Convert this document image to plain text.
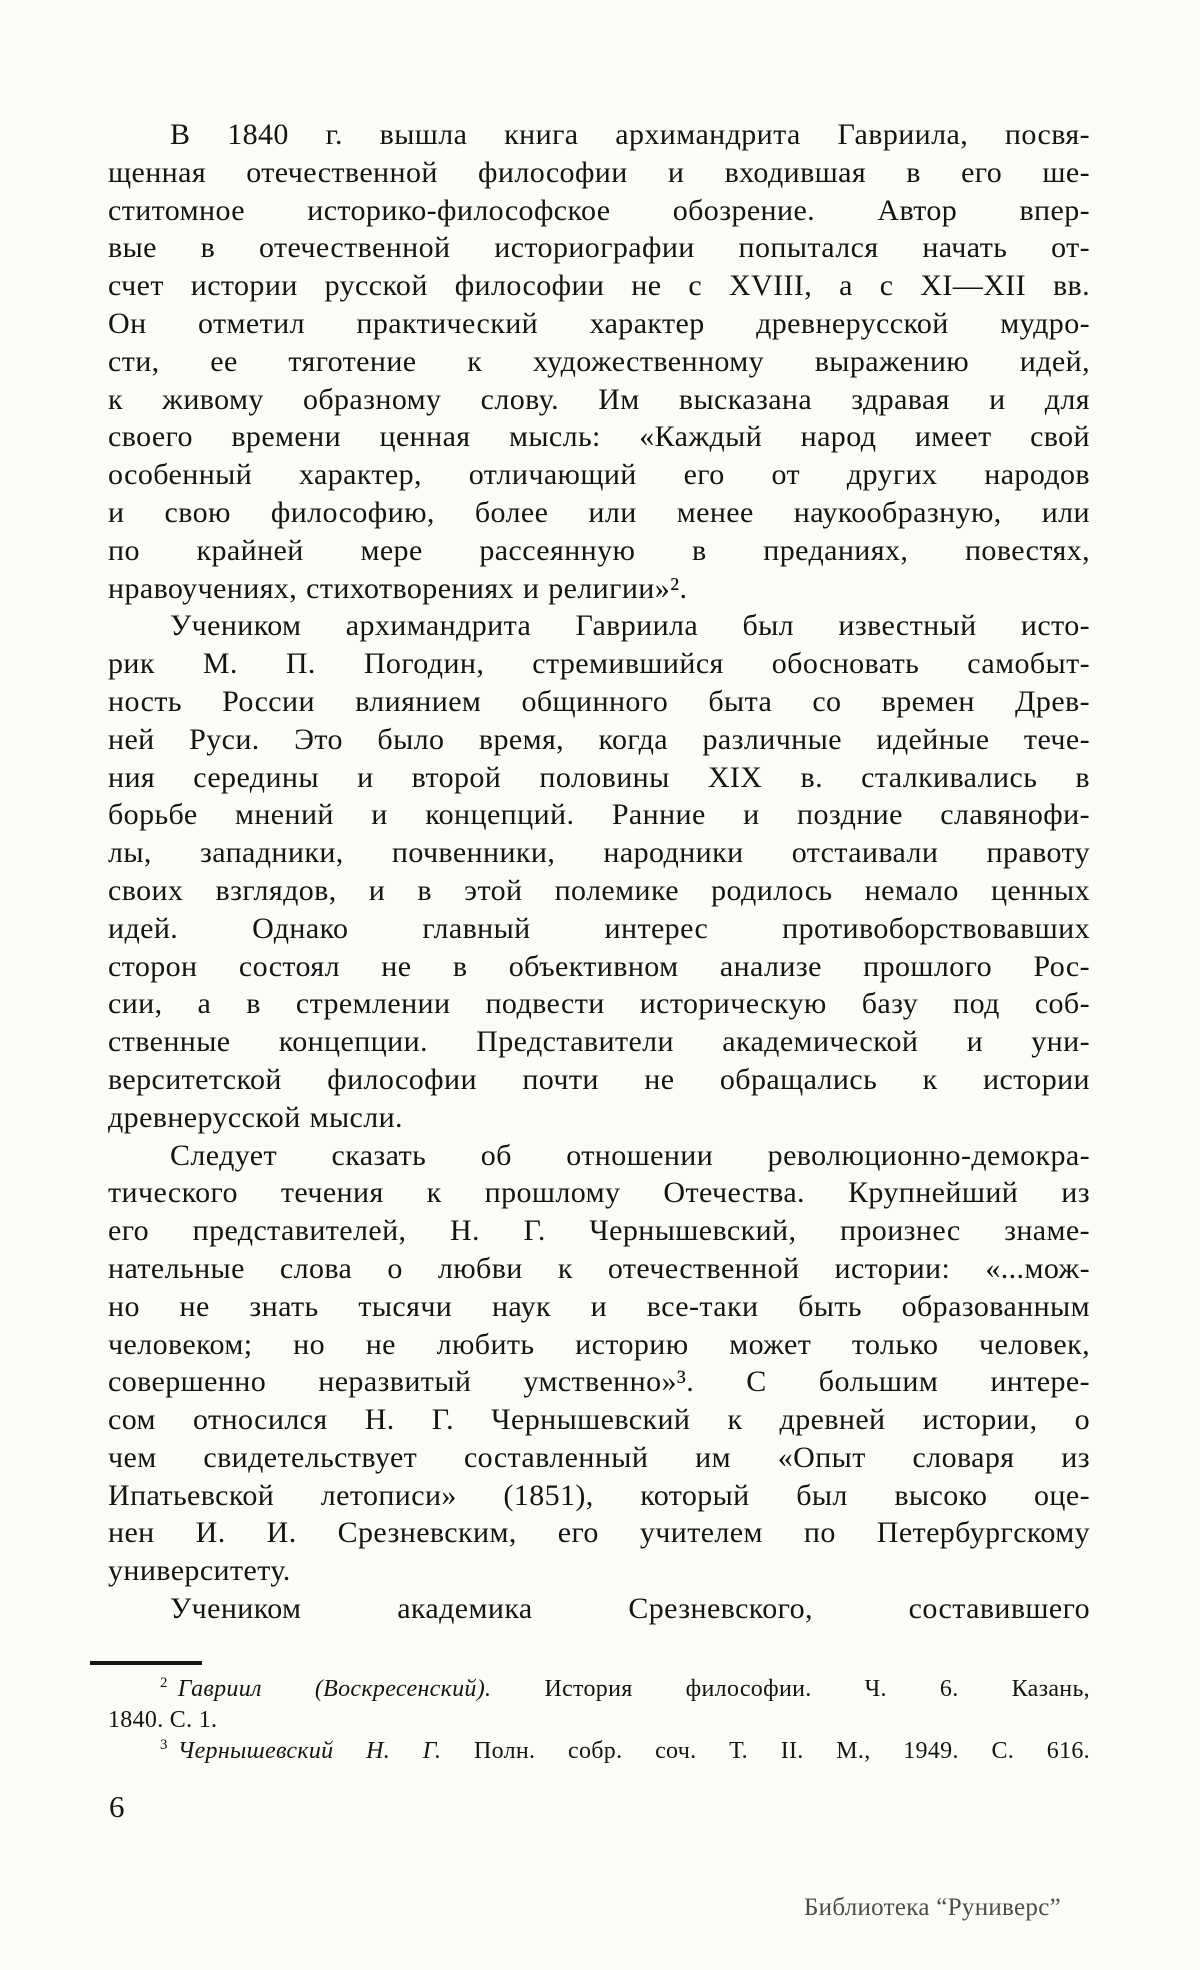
В 1840 г. вышла книга архимандрита Гавриила, посвя-
щенная отечественной философии и входившая в его ше-
ститомное историко-философское обозрение. Автор впер-
вые в отечественной историографии попытался начать от-
счет истории русской философии не с XVIII, а с XI—XII вв.
Он отметил практический характер древнерусской мудро-
сти, ее тяготение к художественному выражению идей,
к живому образному слову. Им высказана здравая и для
своего времени ценная мысль: «Каждый народ имеет свой
особенный характер, отличающий его от других народов
и свою философию, более или менее наукообразную, или
по крайней мере рассеянную в преданиях, повестях,
нравоучениях, стихотворениях и религии»².
Учеником архимандрита Гавриила был известный исто-
рик М. П. Погодин, стремившийся обосновать самобыт-
ность России влиянием общинного быта со времен Древ-
ней Руси. Это было время, когда различные идейные тече-
ния середины и второй половины XIX в. сталкивались в
борьбе мнений и концепций. Ранние и поздние славянофи-
лы, западники, почвенники, народники отстаивали правоту
своих взглядов, и в этой полемике родилось немало ценных
идей. Однако главный интерес противоборствовавших
сторон состоял не в объективном анализе прошлого Рос-
сии, а в стремлении подвести историческую базу под соб-
ственные концепции. Представители академической и уни-
верситетской философии почти не обращались к истории
древнерусской мысли.
Следует сказать об отношении революционно-демокра-
тического течения к прошлому Отечества. Крупнейший из
его представителей, Н. Г. Чернышевский, произнес знаме-
нательные слова о любви к отечественной истории: «...мож-
но не знать тысячи наук и все-таки быть образованным
человеком; но не любить историю может только человек,
совершенно неразвитый умственно»³. С большим интере-
сом относился Н. Г. Чернышевский к древней истории, о
чем свидетельствует составленный им «Опыт словаря из
Ипатьевской летописи» (1851), который был высоко оце-
нен И. И. Срезневским, его учителем по Петербургскому
университету.
Учеником академика Срезневского, составившего
$^2$ Гавриил (Воскресенский). История философии. Ч. 6. Казань,
1840. С. 1.
$^3$ Чернышевский Н. Г. Полн. собр. соч. Т. II. М., 1949. С. 616.
6
Библиотека “Руниверс”
